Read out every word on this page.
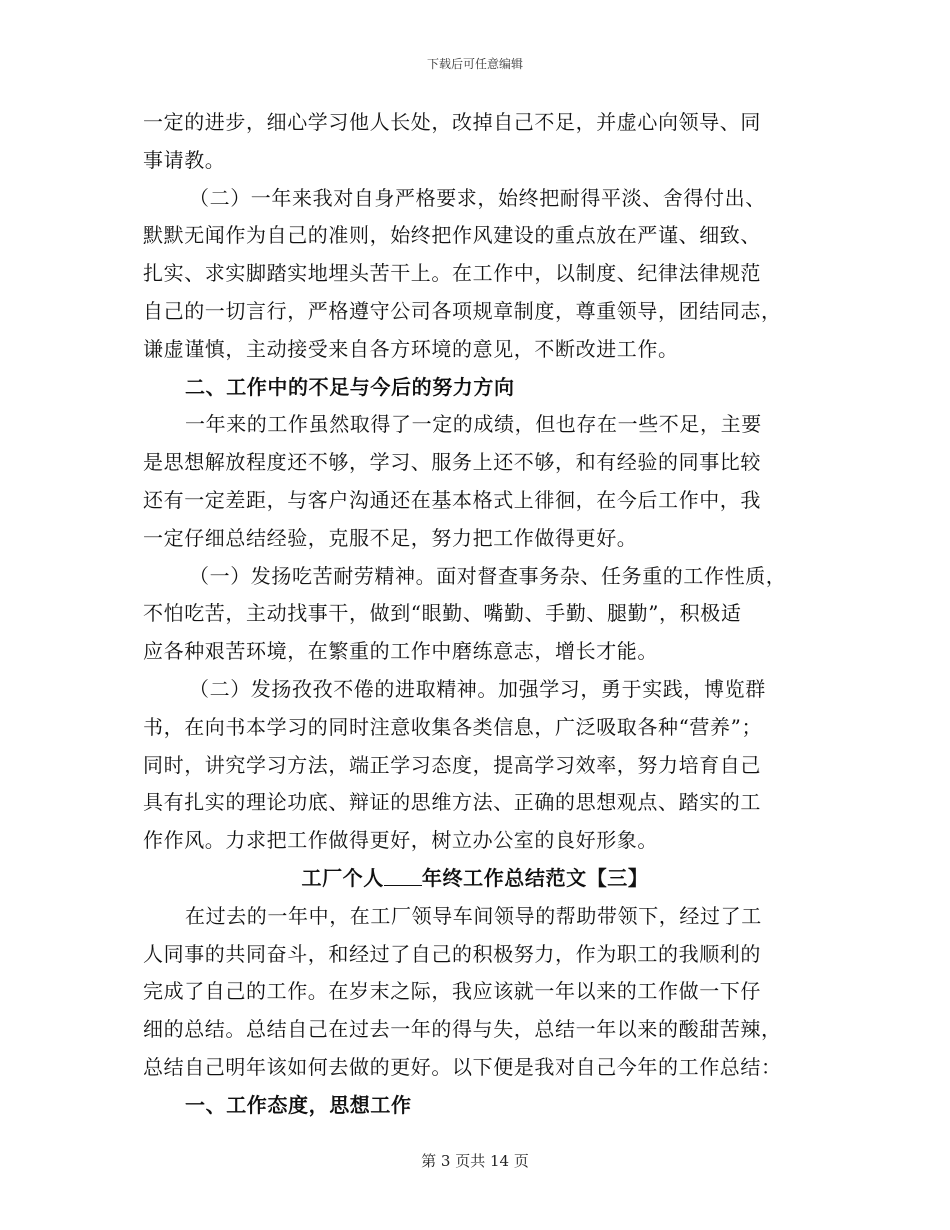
下载后可任意编辑
一定的进步，细心学习他人长处，改掉自己不足，并虚心向领导、同
事请教。
（二）一年来我对自身严格要求，始终把耐得平淡、舍得付出、
默默无闻作为自己的准则，始终把作风建设的重点放在严谨、细致、
扎实、求实脚踏实地埋头苦干上。在工作中，以制度、纪律法律规范
自己的一切言行，严格遵守公司各项规章制度，尊重领导，团结同志，
谦虚谨慎，主动接受来自各方环境的意见，不断改进工作。
二、工作中的不足与今后的努力方向
一年来的工作虽然取得了一定的成绩，但也存在一些不足，主要
是思想解放程度还不够，学习、服务上还不够，和有经验的同事比较
还有一定差距，与客户沟通还在基本格式上徘徊，在今后工作中，我
一定仔细总结经验，克服不足，努力把工作做得更好。
（一）发扬吃苦耐劳精神。面对督查事务杂、任务重的工作性质，
不怕吃苦，主动找事干，做到“眼勤、嘴勤、手勤、腿勤”，积极适
应各种艰苦环境，在繁重的工作中磨练意志，增长才能。
（二）发扬孜孜不倦的进取精神。加强学习，勇于实践，博览群
书，在向书本学习的同时注意收集各类信息，广泛吸取各种“营养”；
同时，讲究学习方法，端正学习态度，提高学习效率，努力培育自己
具有扎实的理论功底、辩证的思维方法、正确的思想观点、踏实的工
作作风。力求把工作做得更好，树立办公室的良好形象。
工厂个人 年终工作总结范文【三】
在过去的一年中，在工厂领导车间领导的帮助带领下，经过了工
人同事的共同奋斗，和经过了自己的积极努力，作为职工的我顺利的
完成了自己的工作。在岁末之际，我应该就一年以来的工作做一下仔
细的总结。总结自己在过去一年的得与失，总结一年以来的酸甜苦辣，
总结自己明年该如何去做的更好。以下便是我对自己今年的工作总结：
一、工作态度，思想工作
第 3 页共 14 页
